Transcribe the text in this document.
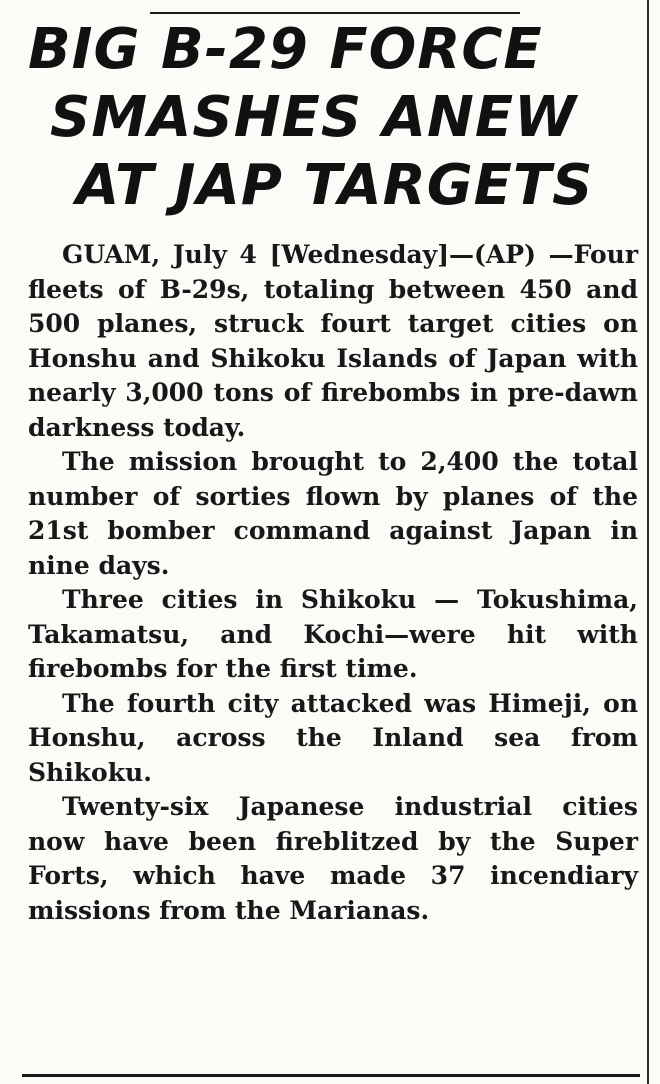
BIG B-29 FORCE
SMASHES ANEW
AT JAP TARGETS

GUAM, July 4 [Wednesday]—(AP) —Four fleets of B-29s, totaling between 450 and 500 planes, struck fourt target cities on Honshu and Shikoku Islands of Japan with nearly 3,000 tons of firebombs in pre-dawn darkness today.

The mission brought to 2,400 the total number of sorties flown by planes of the 21st bomber command against Japan in nine days.

Three cities in Shikoku — Tokushima, Takamatsu, and Kochi—were hit with firebombs for the first time.

The fourth city attacked was Himeji, on Honshu, across the Inland sea from Shikoku.

Twenty-six Japanese industrial cities now have been fireblitzed by the Super Forts, which have made 37 incendiary missions from the Marianas.
